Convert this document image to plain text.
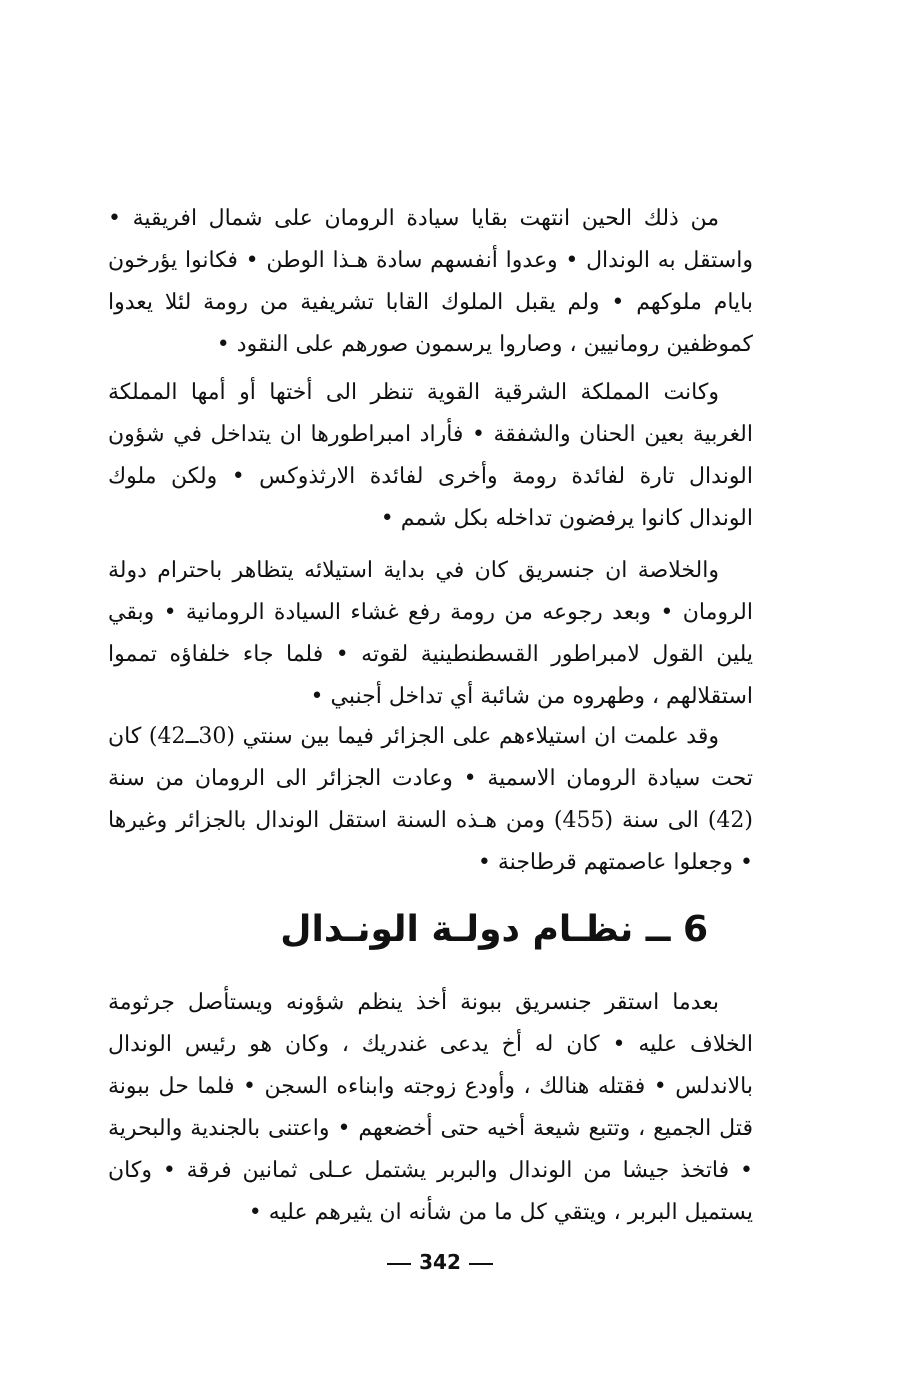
من ذلك الحين انتهت بقايا سيادة الرومان على شمال افريقية • واستقل به الوندال • وعدوا أنفسهم سادة هـذا الوطن • فكانوا يؤرخون بايام ملوكهم • ولم يقبل الملوك القابا تشريفية من رومة لئلا يعدوا كموظفين رومانيين ، وصاروا يرسمون صورهم على النقود •

وكانت المملكة الشرقية القوية تنظر الى أختها أو أمها المملكة الغربية بعين الحنان والشفقة • فأراد امبراطورها ان يتداخل في شؤون الوندال تارة لفائدة رومة وأخرى لفائدة الارثذوكس • ولكن ملوك الوندال كانوا يرفضون تداخله بكل شمم •

والخلاصة ان جنسريق كان في بداية استيلائه يتظاهر باحترام دولة الرومان • وبعد رجوعه من رومة رفع غشاء السيادة الرومانية • وبقي يلين القول لامبراطور القسطنطينية لقوته • فلما جاء خلفاؤه تمموا استقلالهم ، وطهروه من شائبة أي تداخل أجنبي •

وقد علمت ان استيلاءهم على الجزائر فيما بين سنتي (30ــ42) كان تحت سيادة الرومان الاسمية • وعادت الجزائر الى الرومان من سنة (42) الى سنة (455) ومن هـذه السنة استقل الوندال بالجزائر وغيرها • وجعلوا عاصمتهم قرطاجنة •

6 ــ نظـام دولـة الونـدال

بعدما استقر جنسريق ببونة أخذ ينظم شؤونه ويستأصل جرثومة الخلاف عليه • كان له أخ يدعى غندريك ، وكان هو رئيس الوندال بالاندلس • فقتله هنالك ، وأودع زوجته وابناءه السجن • فلما حل ببونة قتل الجميع ، وتتبع شيعة أخيه حتى أخضعهم • واعتنى بالجندية والبحرية • فاتخذ جيشا من الوندال والبربر يشتمل عـلى ثمانين فرقة • وكان يستميل البربر ، ويتقي كل ما من شأنه ان يثيرهم عليه •

342
